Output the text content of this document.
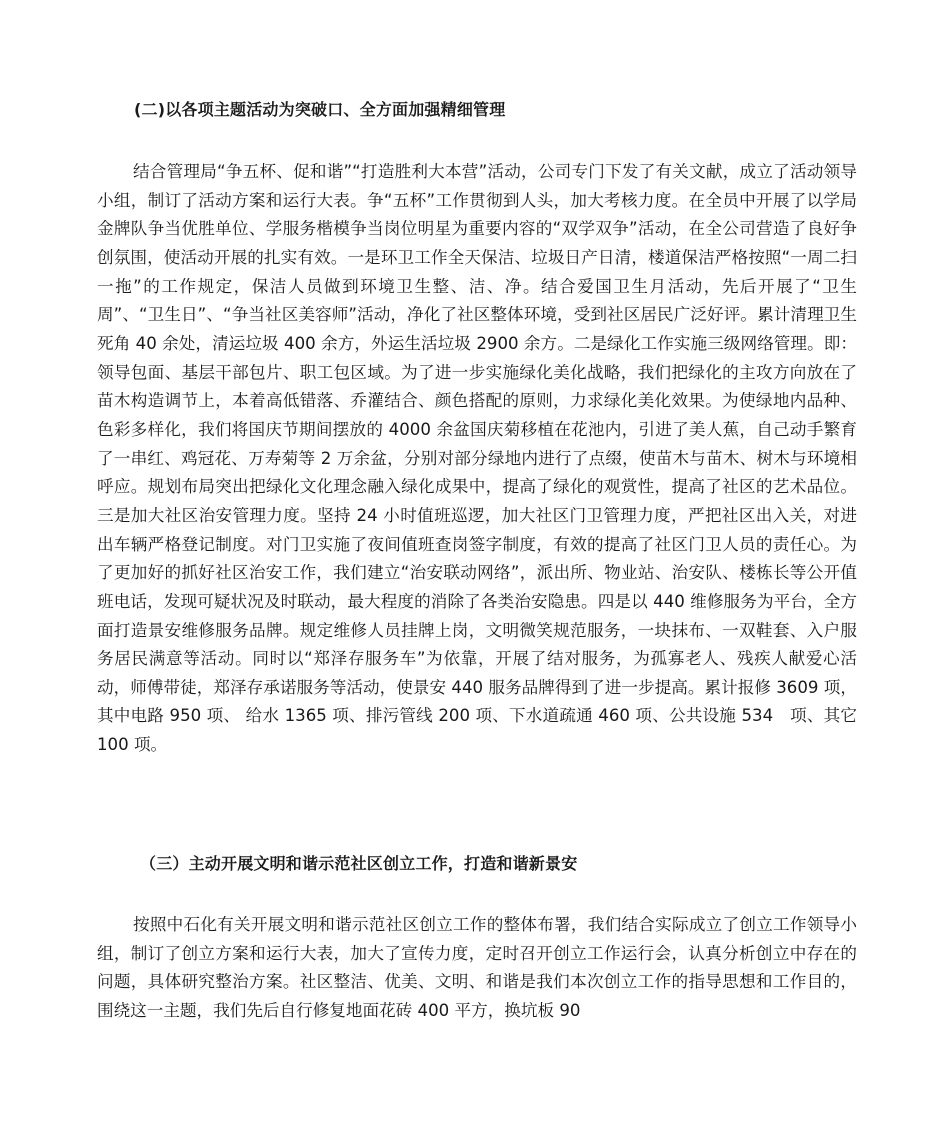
(二)以各项主题活动为突破口、全方面加强精细管理

结合管理局“争五杯、促和谐”“打造胜利大本营”活动，公司专门下发了有关文献，成立了活动领导小组，制订了活动方案和运行大表。争“五杯”工作贯彻到人头，加大考核力度。在全员中开展了以学局金牌队争当优胜单位、学服务楷模争当岗位明星为重要内容的“双学双争”活动，在全公司营造了良好争创氛围，使活动开展的扎实有效。一是环卫工作全天保洁、垃圾日产日清，楼道保洁严格按照“一周二扫一拖”的工作规定，保洁人员做到环境卫生整、洁、净。结合爱国卫生月活动，先后开展了“卫生周”、“卫生日”、“争当社区美容师”活动，净化了社区整体环境，受到社区居民广泛好评。累计清理卫生死角 40 余处，清运垃圾 400 余方，外运生活垃圾 2900 余方。二是绿化工作实施三级网络管理。即：领导包面、基层干部包片、职工包区域。为了进一步实施绿化美化战略，我们把绿化的主攻方向放在了苗木构造调节上，本着高低错落、乔灌结合、颜色搭配的原则，力求绿化美化效果。为使绿地内品种、色彩多样化，我们将国庆节期间摆放的 4000 余盆国庆菊移植在花池内，引进了美人蕉，自己动手繁育了一串红、鸡冠花、万寿菊等 2 万余盆，分别对部分绿地内进行了点缀，使苗木与苗木、树木与环境相呼应。规划布局突出把绿化文化理念融入绿化成果中，提高了绿化的观赏性，提高了社区的艺术品位。三是加大社区治安管理力度。坚持 24 小时值班巡逻，加大社区门卫管理力度，严把社区出入关，对进出车辆严格登记制度。对门卫实施了夜间值班查岗签字制度，有效的提高了社区门卫人员的责任心。为了更加好的抓好社区治安工作，我们建立“治安联动网络”，派出所、物业站、治安队、楼栋长等公开值班电话，发现可疑状况及时联动，最大程度的消除了各类治安隐患。四是以 440 维修服务为平台，全方面打造景安维修服务品牌。规定维修人员挂牌上岗，文明微笑规范服务，一块抹布、一双鞋套、入户服务居民满意等活动。同时以“郑泽存服务车”为依靠，开展了结对服务，为孤寡老人、残疾人献爱心活动，师傅带徒，郑泽存承诺服务等活动，使景安 440 服务品牌得到了进一步提高。累计报修 3609 项，其中电路 950 项、 给水 1365 项、排污管线 200 项、下水道疏通 460 项、公共设施 534　项、其它 100 项。

（三）主动开展文明和谐示范社区创立工作，打造和谐新景安

按照中石化有关开展文明和谐示范社区创立工作的整体布署，我们结合实际成立了创立工作领导小组，制订了创立方案和运行大表，加大了宣传力度，定时召开创立工作运行会，认真分析创立中存在的问题，具体研究整治方案。社区整洁、优美、文明、和谐是我们本次创立工作的指导思想和工作目的，围绕这一主题，我们先后自行修复地面花砖 400 平方，换坑板 90
